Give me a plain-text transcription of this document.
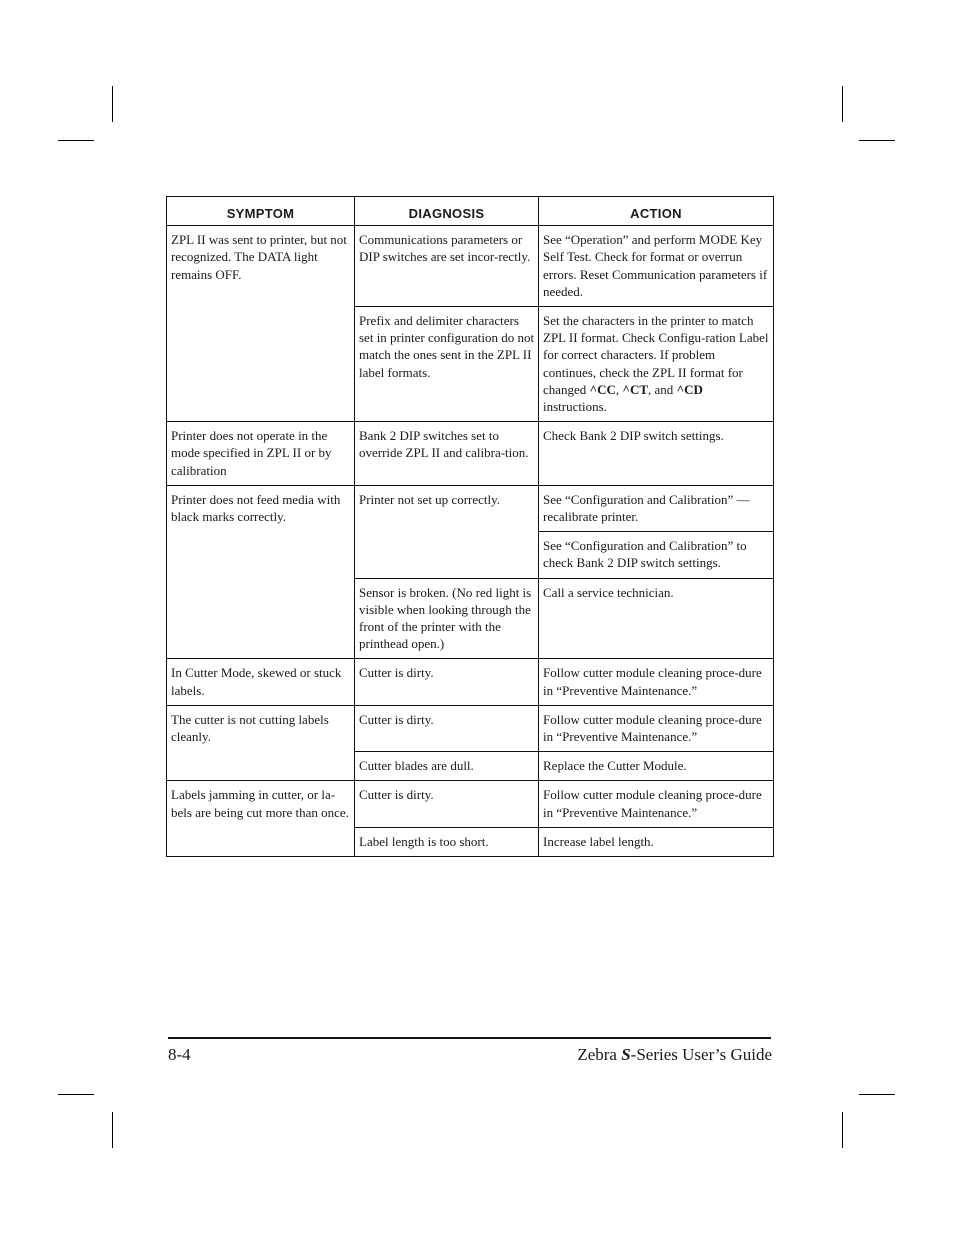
SYMPTOM	DIAGNOSIS	ACTION
ZPL II was sent to printer, but not recognized. The DATA light remains OFF.	Communications parameters or DIP switches are set incor-rectly.	See “Operation” and perform MODE Key Self Test. Check for format or overrun errors. Reset Communication parameters if needed.
	Prefix and delimiter characters set in printer configuration do not match the ones sent in the ZPL II label formats.	Set the characters in the printer to match ZPL II format. Check Configu-ration Label for correct characters. If problem continues, check the ZPL II format for changed ^CC, ^CT, and ^CD instructions.
Printer does not operate in the mode specified in ZPL II or by calibration	Bank 2 DIP switches set to override ZPL II and calibra-tion.	Check Bank 2 DIP switch settings.
Printer does not feed media with black marks correctly.	Printer not set up correctly.	See “Configuration and Calibration” — recalibrate printer.
		See “Configuration and Calibration” to check Bank 2 DIP switch settings.
	Sensor is broken. (No red light is visible when looking through the front of the printer with the printhead open.)	Call a service technician.
In Cutter Mode, skewed or stuck labels.	Cutter is dirty.	Follow cutter module cleaning proce-dure in “Preventive Maintenance.”
The cutter is not cutting labels cleanly.	Cutter is dirty.	Follow cutter module cleaning proce-dure in “Preventive Maintenance.”
	Cutter blades are dull.	Replace the Cutter Module.
Labels jamming in cutter, or la-bels are being cut more than once.	Cutter is dirty.	Follow cutter module cleaning proce-dure in “Preventive Maintenance.”
	Label length is too short.	Increase label length.
8-4	Zebra S-Series User’s Guide
